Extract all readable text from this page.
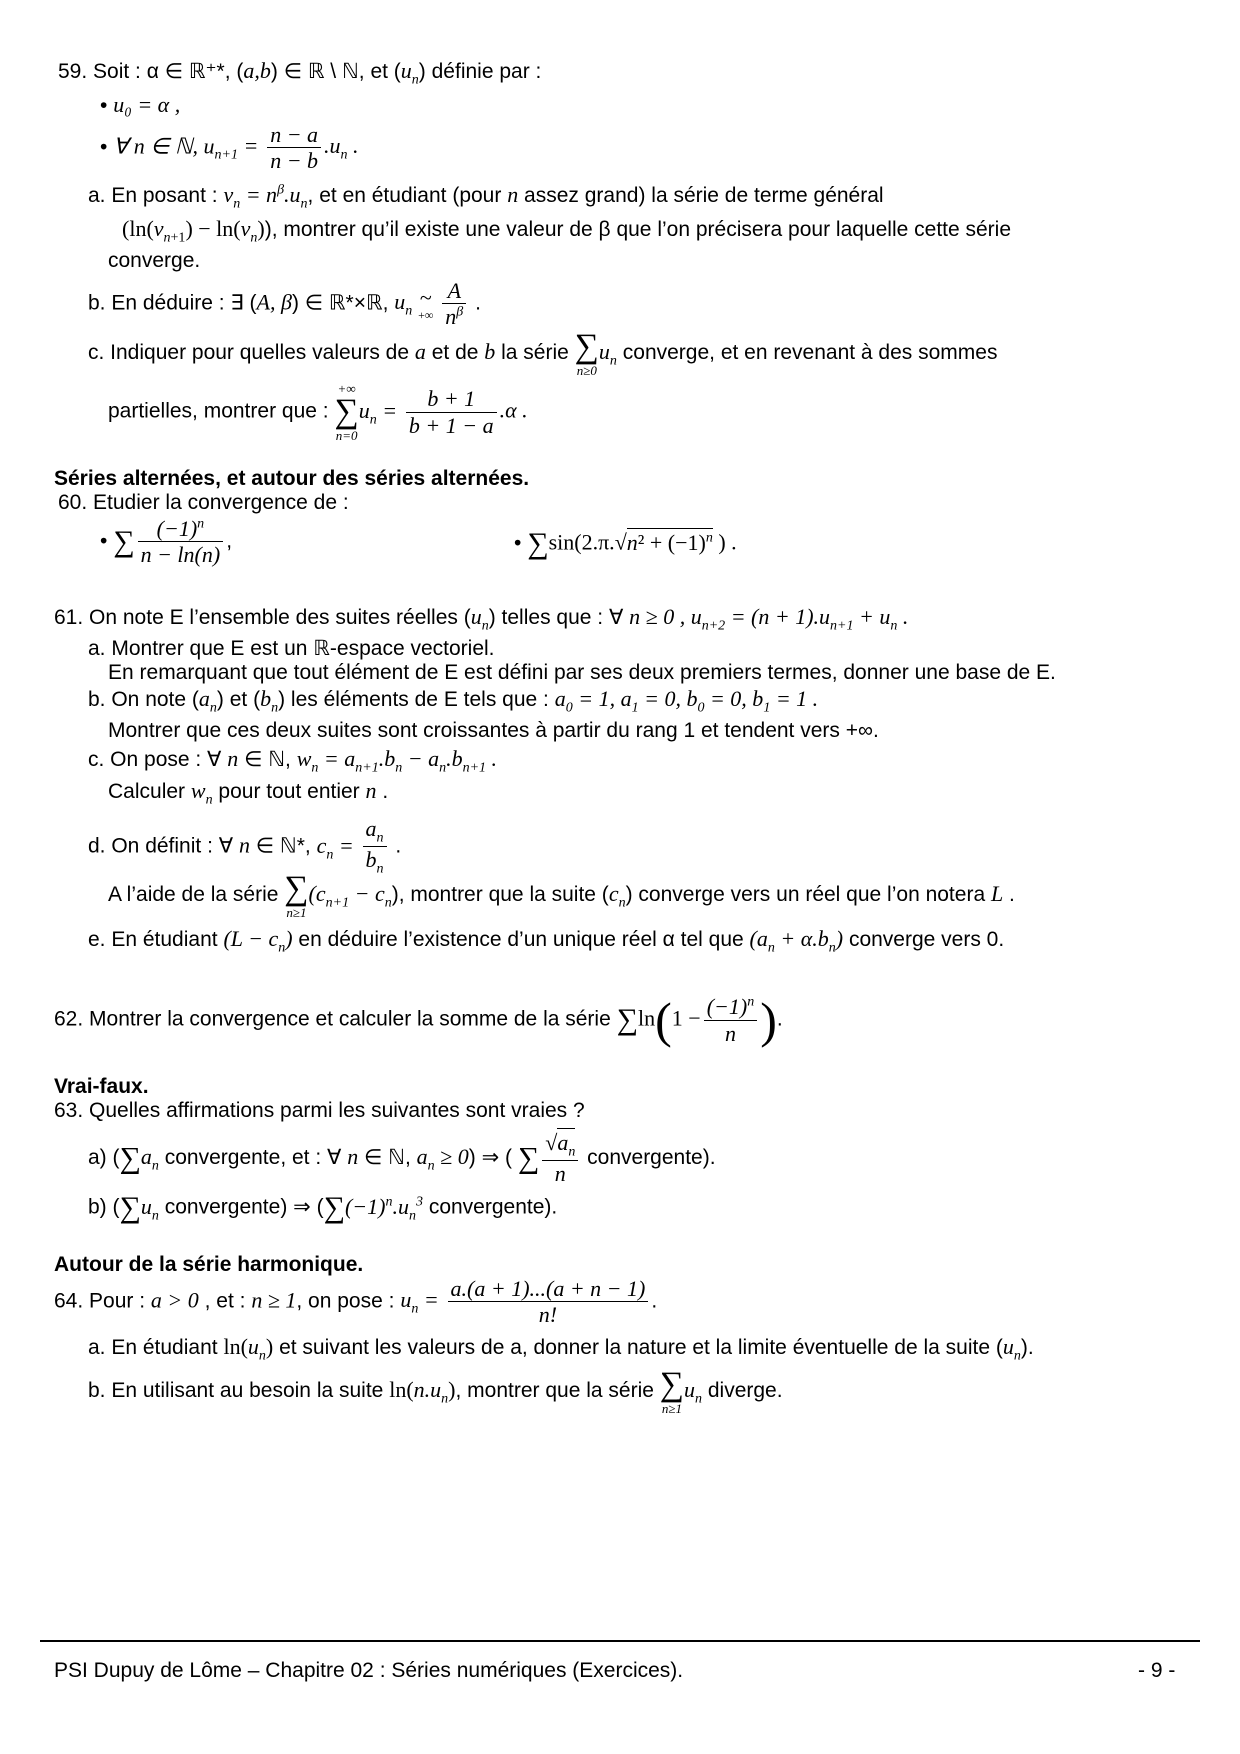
59. Soit : α ∈ ℝ⁺*, (a,b) ∈ ℝ \ ℕ, et $(u_n)$ définie par :
• u₀ = α ,
• ∀ n ∈ ℕ, $u_{n+1} = \frac{n - a}{n - b} .u_n$ .
a. En posant : $v_n = n^\beta.u_n$, et en étudiant (pour n assez grand) la série de terme général
$(\ln(v_{n+1}) - \ln(v_n))$, montrer qu’il existe une valeur de β que l’on précisera pour laquelle cette série
converge.
b. En déduire : ∃ (A, β) ∈ ℝ*×ℝ, $u_n$
~
+∞
$\frac{A}{n^\beta}$ .
c. Indiquer pour quelles valeurs de a et de b la série ∑
n≥0
$u_n$ converge, et en revenant à des sommes
partielles, montrer que :
+∞
∑
n=0
$u_n = \frac{b + 1}{b + 1 - a} .\alpha$ .
Séries alternées, et autour des séries alternées.
60. Etudier la convergence de :
• ∑ $\frac{(-1)^n}{n - \ln(n)}$ ,	• $\sum\sin(2.\pi.√n^2 + (-1)^n$ ) .
61. On note E l’ensemble des suites réelles $(u_n)$ telles que : ∀ n ≥ 0 , $u_{n+2} = (n + 1).u_{n+1} + u_n$ .
a. Montrer que E est un ℝ-espace vectoriel.
En remarquant que tout élément de E est défini par ses deux premiers termes, donner une base de E.
b. On note $(a_n)$ et $(b_n)$ les éléments de E tels que : $a_0 = 1$, $a_1 = 0$, $b_0 = 0$, $b_1 = 1$ .
Montrer que ces deux suites sont croissantes à partir du rang 1 et tendent vers +∞.
c. On pose : ∀ n ∈ ℕ, $w_n = a_{n+1}.b_n - a_n.b_{n+1}$ .
Calculer $w_n$ pour tout entier n .
d. On définit : ∀ n ∈ ℕ*, $c_n = \frac{a_n}{b_n}$ .
A l’aide de la série ∑
n≥1
$(c_{n+1} - c_n)$, montrer que la suite $(c_n)$ converge vers un réel que l’on notera L .
e. En étudiant $(L - c_n)$ en déduire l’existence d’un unique réel α tel que $(a_n + \alpha.b_n)$ converge vers 0.
62. Montrer la convergence et calculer la somme de la série $\sum\ln(1 - \frac{(-1)^n}{n}$ ).
Vrai-faux.
63. Quelles affirmations parmi les suivantes sont vraies ?
a) ($\sum a_n$ convergente, et : ∀ n ∈ ℕ, $a_n \ge 0$) ⇒ ( ∑ $\frac{√a_n}{n}$ convergente).
b) ($\sum u_n$ convergente) ⇒ ($\sum(-1)^n.u_n^3$ convergente).
Autour de la série harmonique.
64. Pour : a > 0 , et : n ≥ 1, on pose : $u_n = \frac{a.(a + 1)...(a + n - 1)}{n!}$ .
a. En étudiant $\ln(u_n)$ et suivant les valeurs de a, donner la nature et la limite éventuelle de la suite $(u_n)$.
b. En utilisant au besoin la suite $\ln(n.u_n)$, montrer que la série ∑
n≥1
$u_n$ diverge.
PSI Dupuy de Lôme – Chapitre 02 : Séries numériques (Exercices).	- 9 -
